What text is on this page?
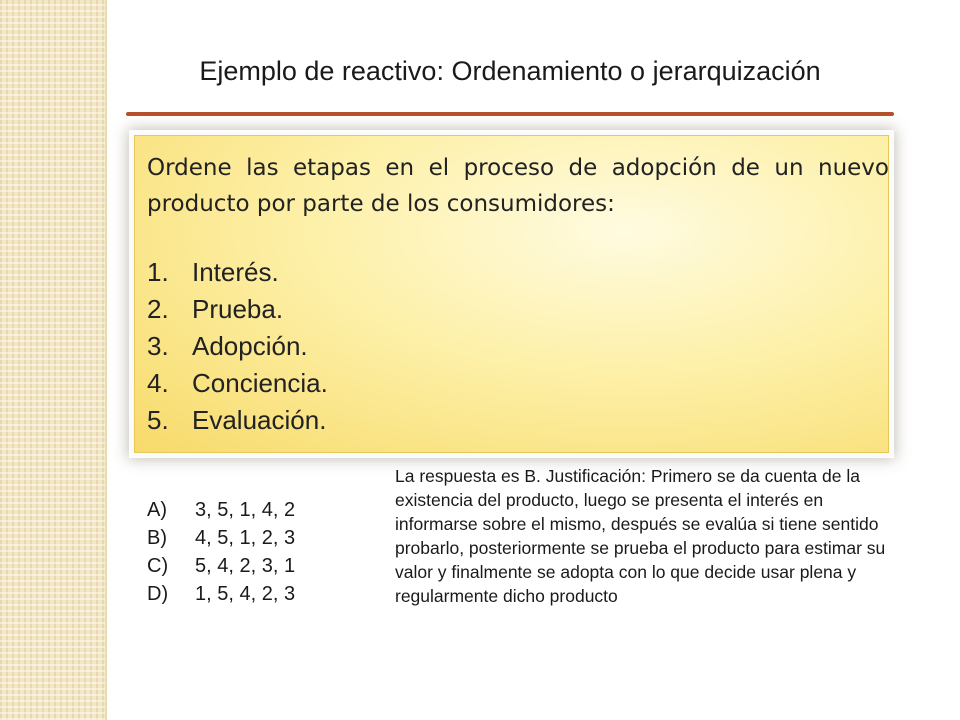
Ejemplo de reactivo: Ordenamiento o jerarquización
Ordene las etapas en el proceso de adopción de un nuevo producto por parte de los consumidores:
1. Interés.
2. Prueba.
3. Adopción.
4. Conciencia.
5. Evaluación.
A)	3, 5, 1, 4, 2
B)	4, 5, 1, 2, 3
C)	5, 4, 2, 3, 1
D)	1, 5, 4, 2, 3
La respuesta es B. Justificación: Primero se da cuenta de la existencia del producto, luego se presenta el interés en informarse sobre el mismo, después se evalúa si tiene sentido probarlo, posteriormente se prueba el producto para estimar su valor y finalmente se adopta con lo que decide usar plena y regularmente dicho producto
